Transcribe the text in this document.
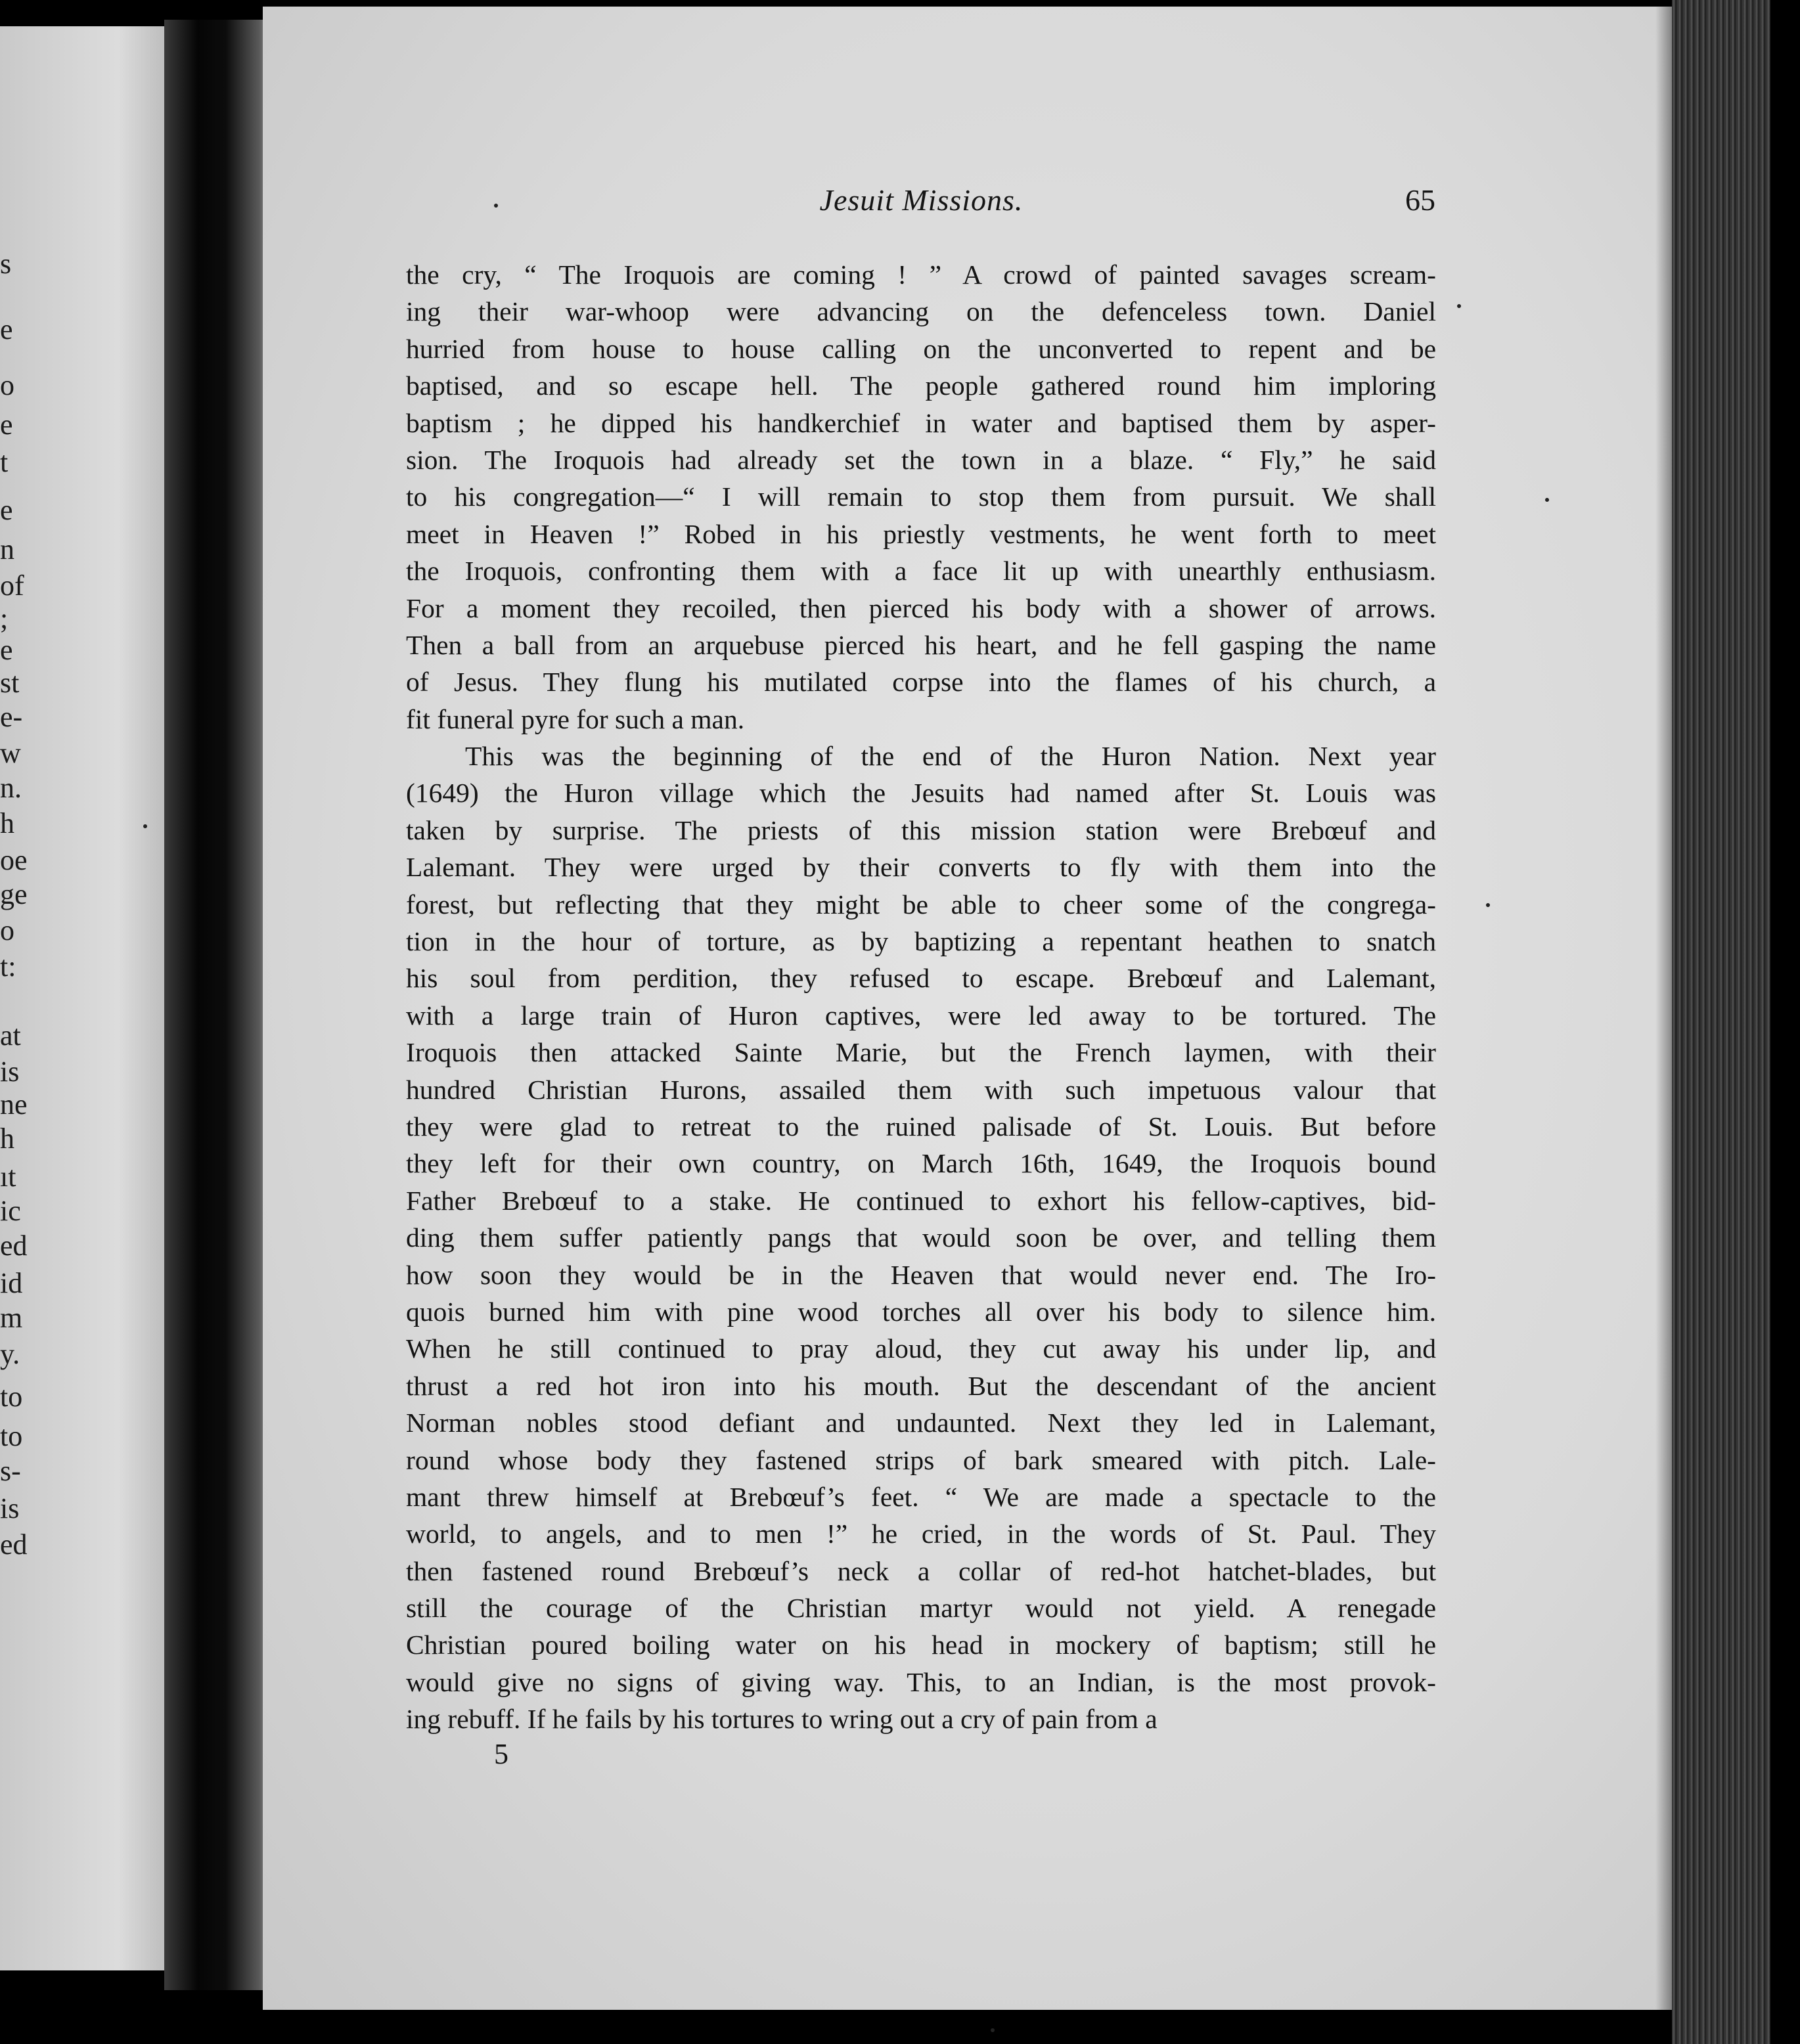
s
e
o
e
t
e
n
of
;
e
st
e-
w
n.
h
oe
ge
o
t:
at
is
ne
h
ıt
ic
ed
id
m
y.
to
to
s-
is
ed
Jesuit Missions.	65
the cry, “ The Iroquois are coming ! ” A crowd of painted savages scream-
ing their war-whoop were advancing on the defenceless town. Daniel
hurried from house to house calling on the unconverted to repent and be
baptised, and so escape hell. The people gathered round him imploring
baptism ; he dipped his handkerchief in water and baptised them by asper-
sion. The Iroquois had already set the town in a blaze. “ Fly,” he said
to his congregation—“ I will remain to stop them from pursuit. We shall
meet in Heaven !” Robed in his priestly vestments, he went forth to meet
the Iroquois, confronting them with a face lit up with unearthly enthusiasm.
For a moment they recoiled, then pierced his body with a shower of arrows.
Then a ball from an arquebuse pierced his heart, and he fell gasping the name
of Jesus. They flung his mutilated corpse into the flames of his church, a
fit funeral pyre for such a man.
This was the beginning of the end of the Huron Nation. Next year
(1649) the Huron village which the Jesuits had named after St. Louis was
taken by surprise. The priests of this mission station were Brebœuf and
Lalemant. They were urged by their converts to fly with them into the
forest, but reflecting that they might be able to cheer some of the congrega-
tion in the hour of torture, as by baptizing a repentant heathen to snatch
his soul from perdition, they refused to escape. Brebœuf and Lalemant,
with a large train of Huron captives, were led away to be tortured. The
Iroquois then attacked Sainte Marie, but the French laymen, with their
hundred Christian Hurons, assailed them with such impetuous valour that
they were glad to retreat to the ruined palisade of St. Louis. But before
they left for their own country, on March 16th, 1649, the Iroquois bound
Father Brebœuf to a stake. He continued to exhort his fellow-captives, bid-
ding them suffer patiently pangs that would soon be over, and telling them
how soon they would be in the Heaven that would never end. The Iro-
quois burned him with pine wood torches all over his body to silence him.
When he still continued to pray aloud, they cut away his under lip, and
thrust a red hot iron into his mouth. But the descendant of the ancient
Norman nobles stood defiant and undaunted. Next they led in Lalemant,
round whose body they fastened strips of bark smeared with pitch. Lale-
mant threw himself at Brebœuf’s feet. “ We are made a spectacle to the
world, to angels, and to men !” he cried, in the words of St. Paul. They
then fastened round Brebœuf’s neck a collar of red-hot hatchet-blades, but
still the courage of the Christian martyr would not yield. A renegade
Christian poured boiling water on his head in mockery of baptism; still he
would give no signs of giving way. This, to an Indian, is the most provok-
ing rebuff. If he fails by his tortures to wring out a cry of pain from a
5
